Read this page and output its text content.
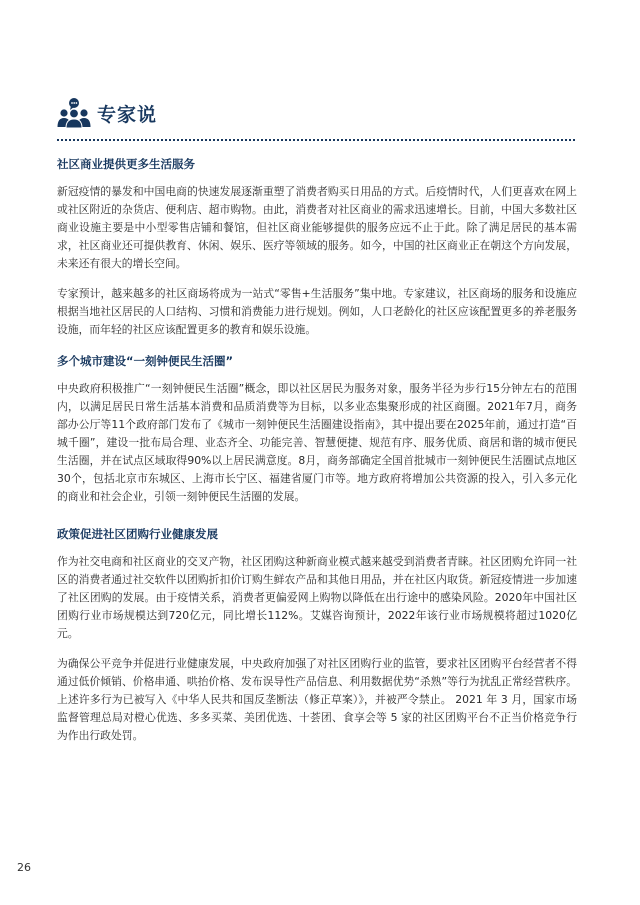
专家说
社区商业提供更多生活服务

新冠疫情的暴发和中国电商的快速发展逐渐重塑了消费者购买日用品的方式。后疫情时代，人们更喜欢在网上或社区附近的杂货店、便利店、超市购物。由此，消费者对社区商业的需求迅速增长。目前，中国大多数社区商业设施主要是中小型零售店铺和餐馆，但社区商业能够提供的服务应远不止于此。除了满足居民的基本需求，社区商业还可提供教育、休闲、娱乐、医疗等领域的服务。如今，中国的社区商业正在朝这个方向发展，未来还有很大的增长空间。

专家预计，越来越多的社区商场将成为一站式“零售+生活服务”集中地。专家建议，社区商场的服务和设施应根据当地社区居民的人口结构、习惯和消费能力进行规划。例如，人口老龄化的社区应该配置更多的养老服务设施，而年轻的社区应该配置更多的教育和娱乐设施。

多个城市建设“一刻钟便民生活圈”

中央政府积极推广“一刻钟便民生活圈”概念，即以社区居民为服务对象，服务半径为步行15分钟左右的范围内，以满足居民日常生活基本消费和品质消费等为目标，以多业态集聚形成的社区商圈。2021年7月，商务部办公厅等11个政府部门发布了《城市一刻钟便民生活圈建设指南》，其中提出要在2025年前，通过打造“百城千圈”，建设一批布局合理、业态齐全、功能完善、智慧便捷、规范有序、服务优质、商居和谐的城市便民生活圈，并在试点区域取得90%以上居民满意度。8月，商务部确定全国首批城市一刻钟便民生活圈试点地区30个，包括北京市东城区、上海市长宁区、福建省厦门市等。地方政府将增加公共资源的投入，引入多元化的商业和社会企业，引领一刻钟便民生活圈的发展。

政策促进社区团购行业健康发展

作为社交电商和社区商业的交叉产物，社区团购这种新商业模式越来越受到消费者青睐。社区团购允许同一社区的消费者通过社交软件以团购折扣价订购生鲜农产品和其他日用品，并在社区内取货。新冠疫情进一步加速了社区团购的发展。由于疫情关系，消费者更偏爱网上购物以降低在出行途中的感染风险。2020年中国社区团购行业市场规模达到720亿元，同比增长112%。艾媒咨询预计，2022年该行业市场规模将超过1020亿元。

为确保公平竞争并促进行业健康发展，中央政府加强了对社区团购行业的监管，要求社区团购平台经营者不得通过低价倾销、价格串通、哄抬价格、发布误导性产品信息、利用数据优势“杀熟”等行为扰乱正常经营秩序。上述许多行为已被写入《中华人民共和国反垄断法（修正草案）》，并被严令禁止。 2021 年 3 月，国家市场监督管理总局对橙心优选、多多买菜、美团优选、十荟团、食享会等 5 家的社区团购平台不正当价格竞争行为作出行政处罚。

26
